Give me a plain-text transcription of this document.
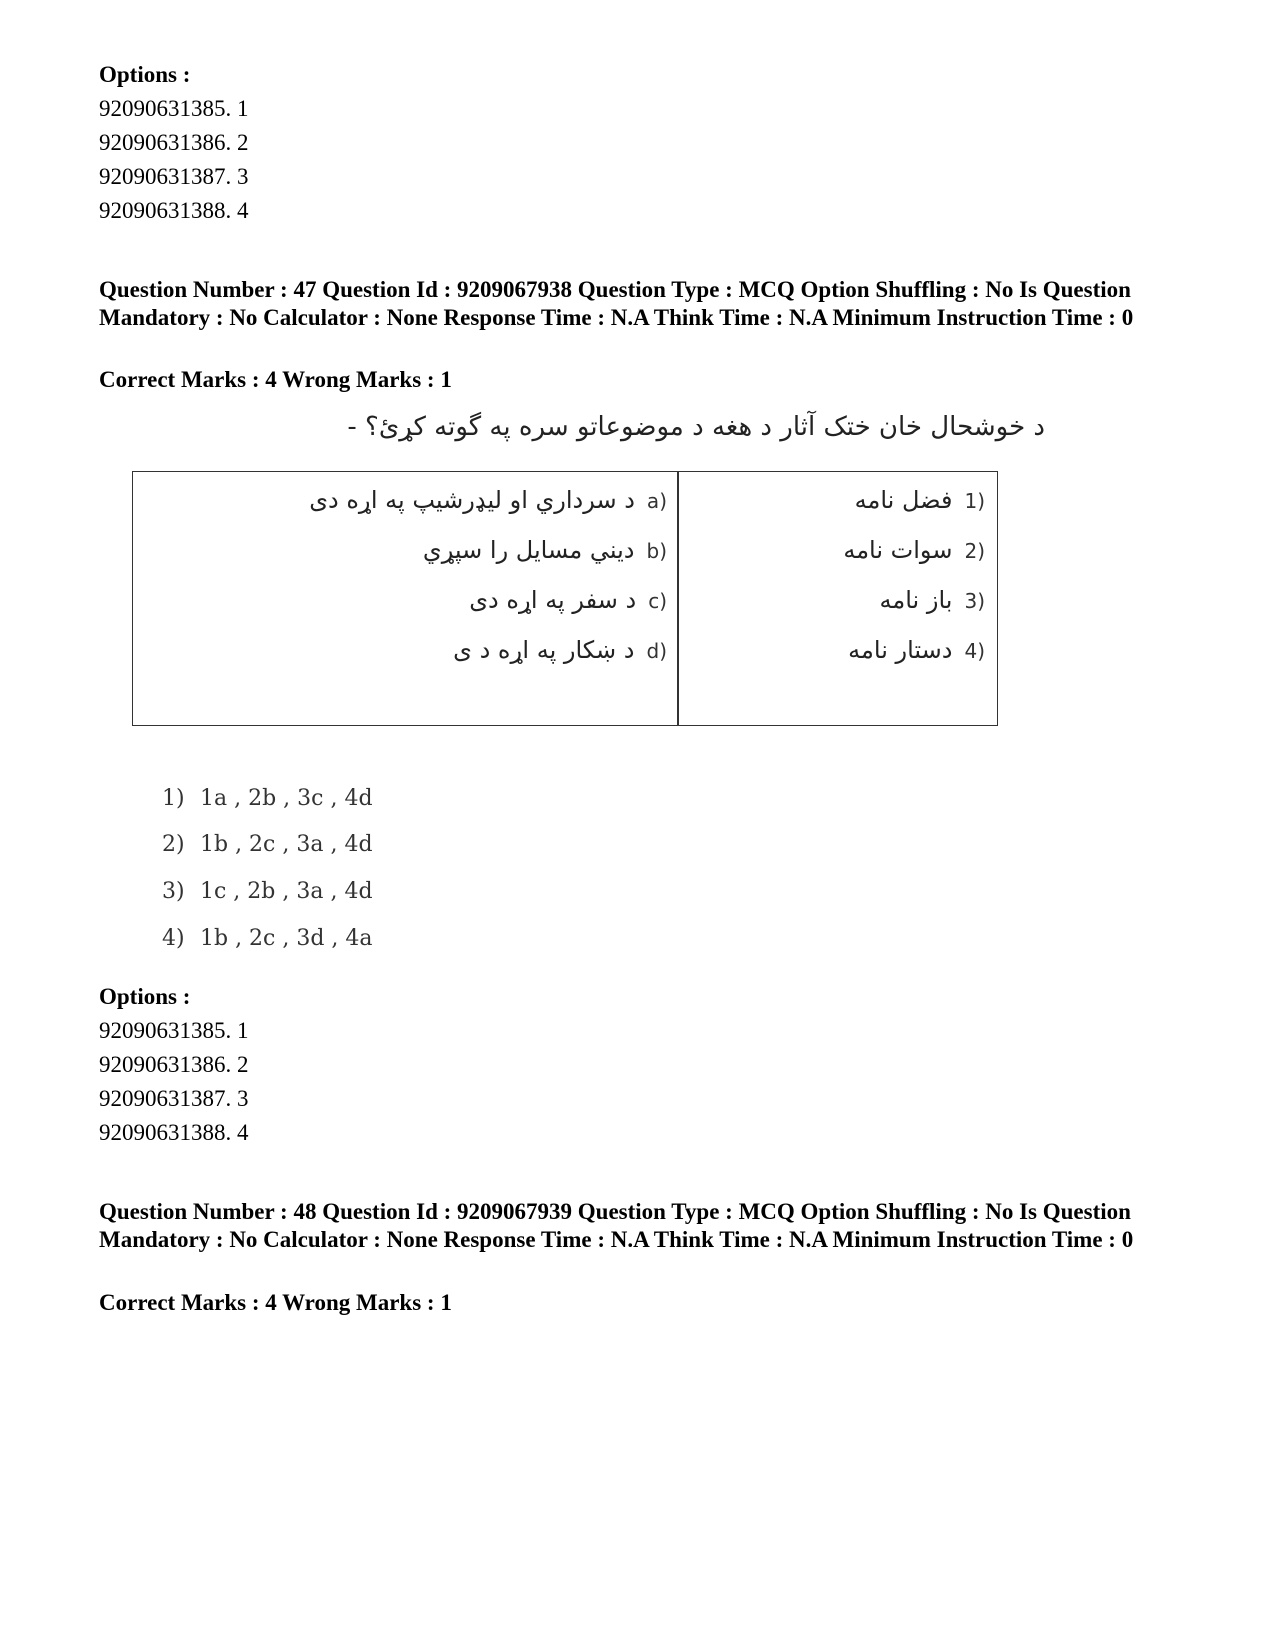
Options :
92090631385. 1
92090631386. 2
92090631387. 3
92090631388. 4
Question Number : 47 Question Id : 9209067938 Question Type : MCQ Option Shuffling : No Is Question Mandatory : No Calculator : None Response Time : N.A Think Time : N.A Minimum Instruction Time : 0
Correct Marks : 4 Wrong Marks : 1
د خوشحال خان ختک آثار د هغه د موضوعاتو سره په گوته کړئ؟ -
(1فضل نامه
(2سوات نامه
(3باز نامه
(4دستار نامه
(aد سرداري او ليډرشيپ په اړه دی
(bديني مسايل را سپړي
(cد سفر په اړه دی
(dد ښکار په اړه د ی
1) 1a , 2b , 3c , 4d
2) 1b , 2c , 3a , 4d
3) 1c , 2b , 3a , 4d
4) 1b , 2c , 3d , 4a
Options :
92090631385. 1
92090631386. 2
92090631387. 3
92090631388. 4
Question Number : 48 Question Id : 9209067939 Question Type : MCQ Option Shuffling : No Is Question Mandatory : No Calculator : None Response Time : N.A Think Time : N.A Minimum Instruction Time : 0
Correct Marks : 4 Wrong Marks : 1
